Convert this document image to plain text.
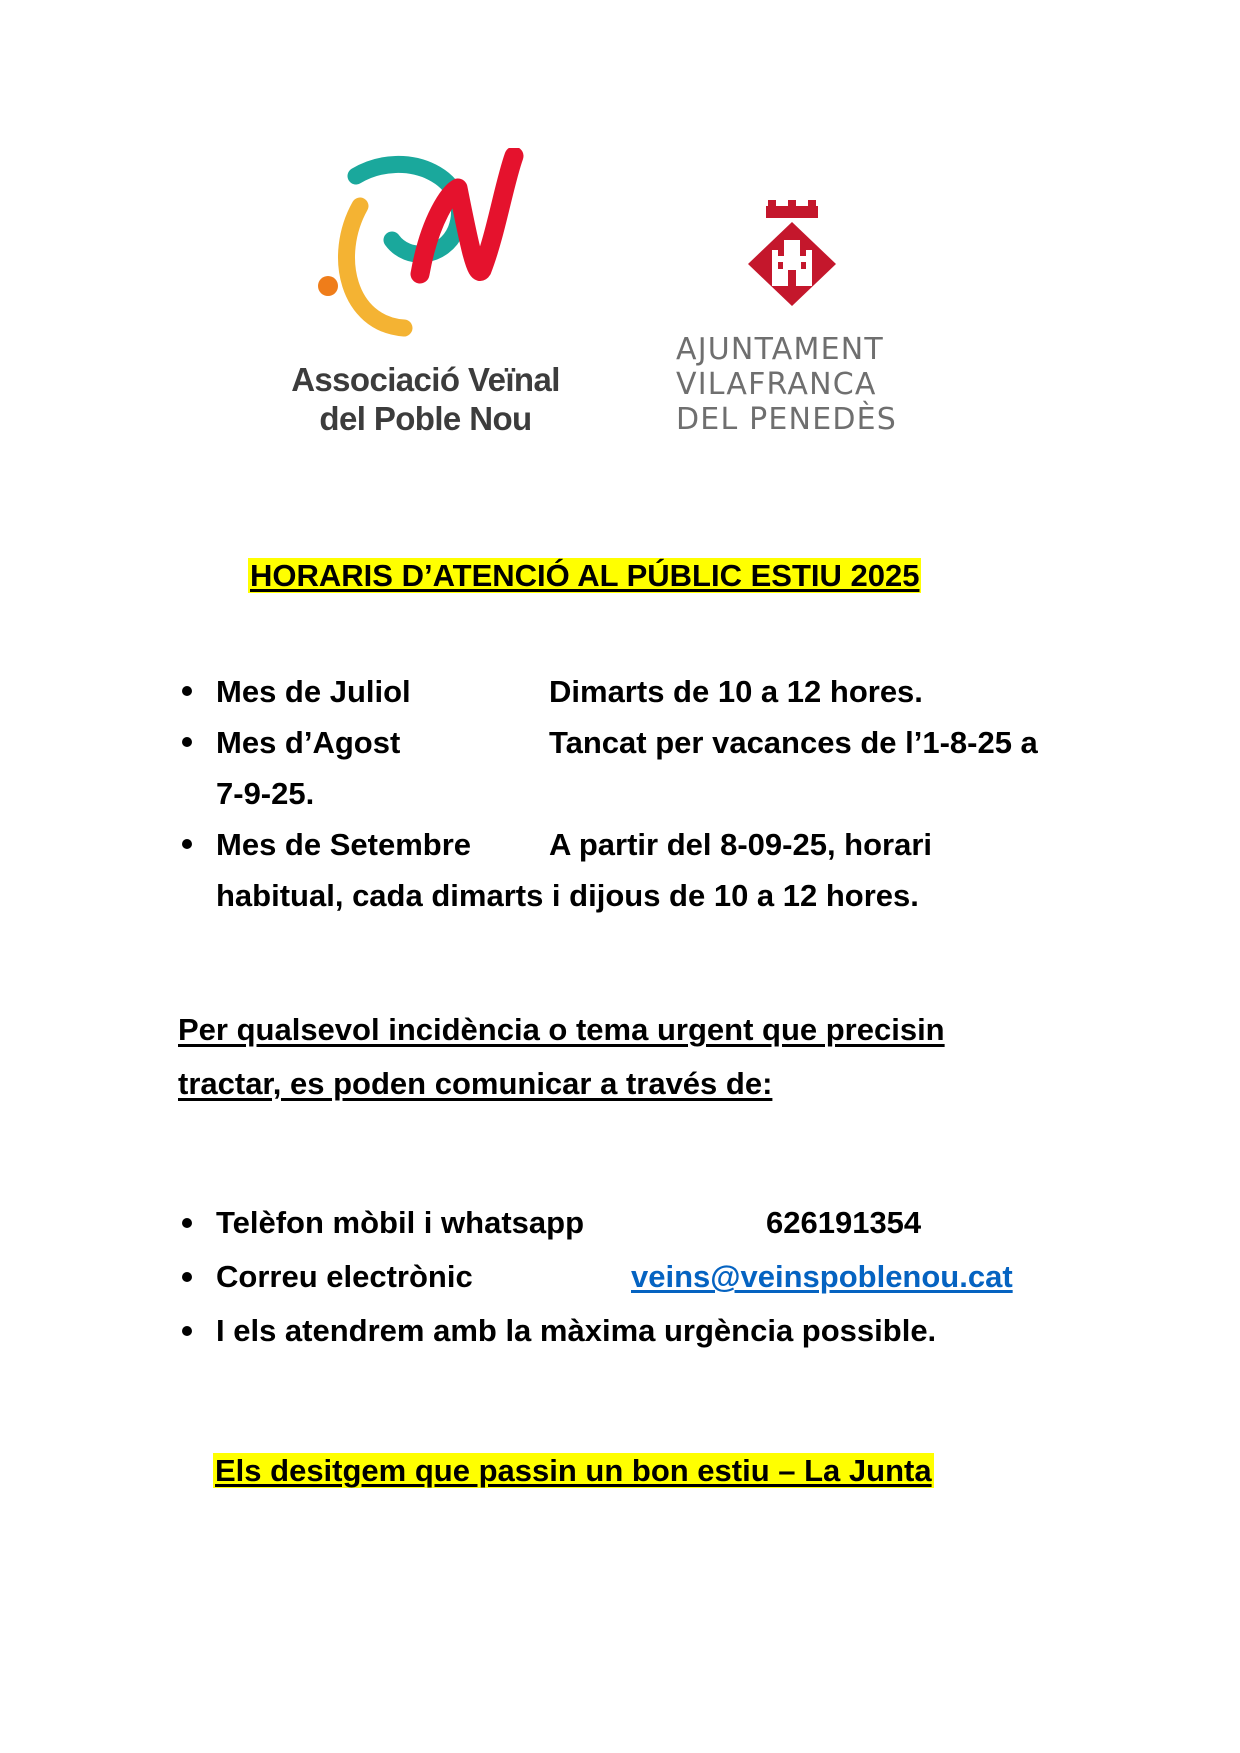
Associació Veïnal
del Poble Nou
AJUNTAMENT
VILAFRANCA
DEL PENEDÈS
HORARIS D’ATENCIÓ AL PÚBLIC ESTIU 2025
Mes de Juliol	Dimarts de 10 a 12 hores.
Mes d’Agost	Tancat per vacances de l’1-8-25 a
7-9-25.
Mes de Setembre	A partir del 8-09-25, horari
habitual, cada dimarts i dijous de 10 a 12 hores.
Per qualsevol incidència o tema urgent que precisin
tractar, es poden comunicar a través de:
Telèfon mòbil i whatsapp	626191354
Correu electrònic	veins@veinspoblenou.cat
I els atendrem amb la màxima urgència possible.
Els desitgem que passin un bon estiu – La Junta
